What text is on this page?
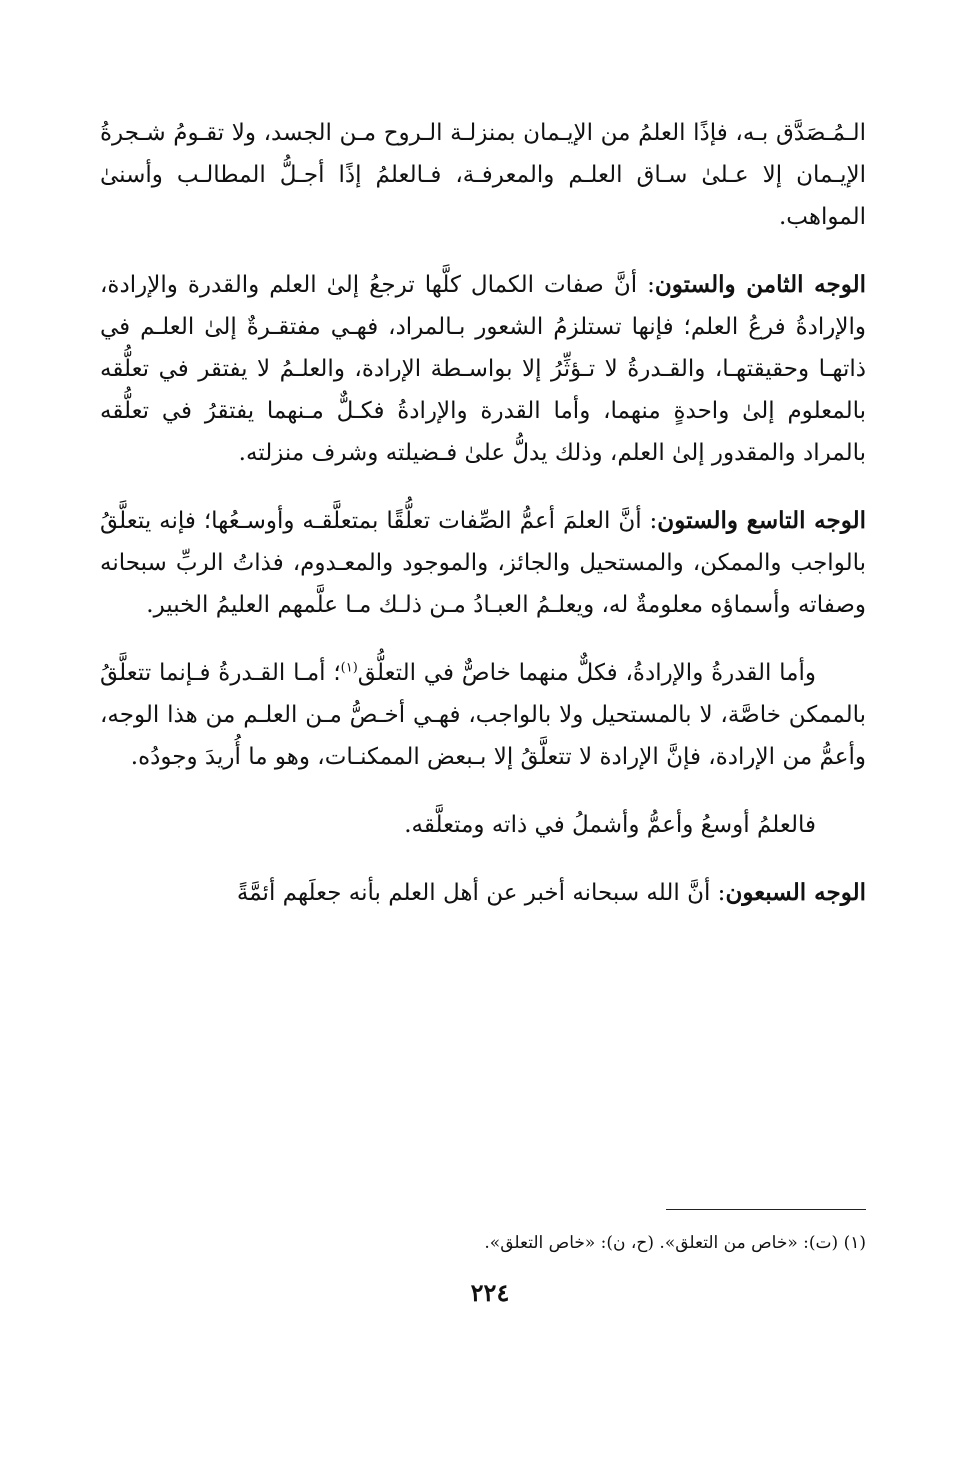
الـمُـصَدَّق بـه، فإذًا العلمُ من الإيـمان بمنزلـة الـروح مـن الجسد، ولا تقـومُ شـجرةُ الإيـمان إلا عـلىٰ سـاق العلـم والمعرفـة، فـالعلمُ إذًا أجـلُّ المطالـب وأسنىٰ المواهب.

الوجه الثامن والستون: أنَّ صفات الكمال كلَّها ترجعُ إلىٰ العلم والقدرة والإرادة، والإرادةُ فرعُ العلم؛ فإنها تستلزمُ الشعور بـالمراد، فهـي مفتقـرةٌ إلىٰ العلـم في ذاتهـا وحقيقتهـا، والقـدرةُ لا تـؤثِّرُ إلا بواسـطة الإرادة، والعلـمُ لا يفتقر في تعلُّقه بالمعلوم إلىٰ واحدةٍ منهما، وأما القدرة والإرادةُ فكـلٌّ مـنهما يفتقرُ في تعلُّقه بالمراد والمقدور إلىٰ العلم، وذلك يدلُّ علىٰ فـضيلته وشرف منزلته.

الوجه التاسع والستون: أنَّ العلمَ أعمُّ الصِّفات تعلُّقًا بمتعلَّقـه وأوسـعُها؛ فإنه يتعلَّقُ بالواجب والممكن، والمستحيل والجائز، والموجود والمعـدوم، فذاتُ الربِّ سبحانه وصفاته وأسماؤه معلومةٌ له، ويعلـمُ العبـادُ مـن ذلـك مـا علَّمهم العليمُ الخبير.

وأما القدرةُ والإرادةُ، فكلٌّ منهما خاصٌّ في التعلُّق$^{(١)}$؛ أمـا القـدرةُ فـإنما تتعلَّقُ بالممكن خاصَّة، لا بالمستحيل ولا بالواجب، فهـي أخـصُّ مـن العلـم من هذا الوجه، وأعمُّ من الإرادة، فإنَّ الإرادة لا تتعلَّقُ إلا بـبعض الممكنـات، وهو ما أُريدَ وجودُه.

فالعلمُ أوسعُ وأعمُّ وأشملُ في ذاته ومتعلَّقه.

الوجه السبعون: أنَّ الله سبحانه أخبر عن أهل العلم بأنه جعلَهم أئمَّةً

(١) (ت): «خاص من التعلق». (ح، ن): «خاص التعلق».
٢٢٤
